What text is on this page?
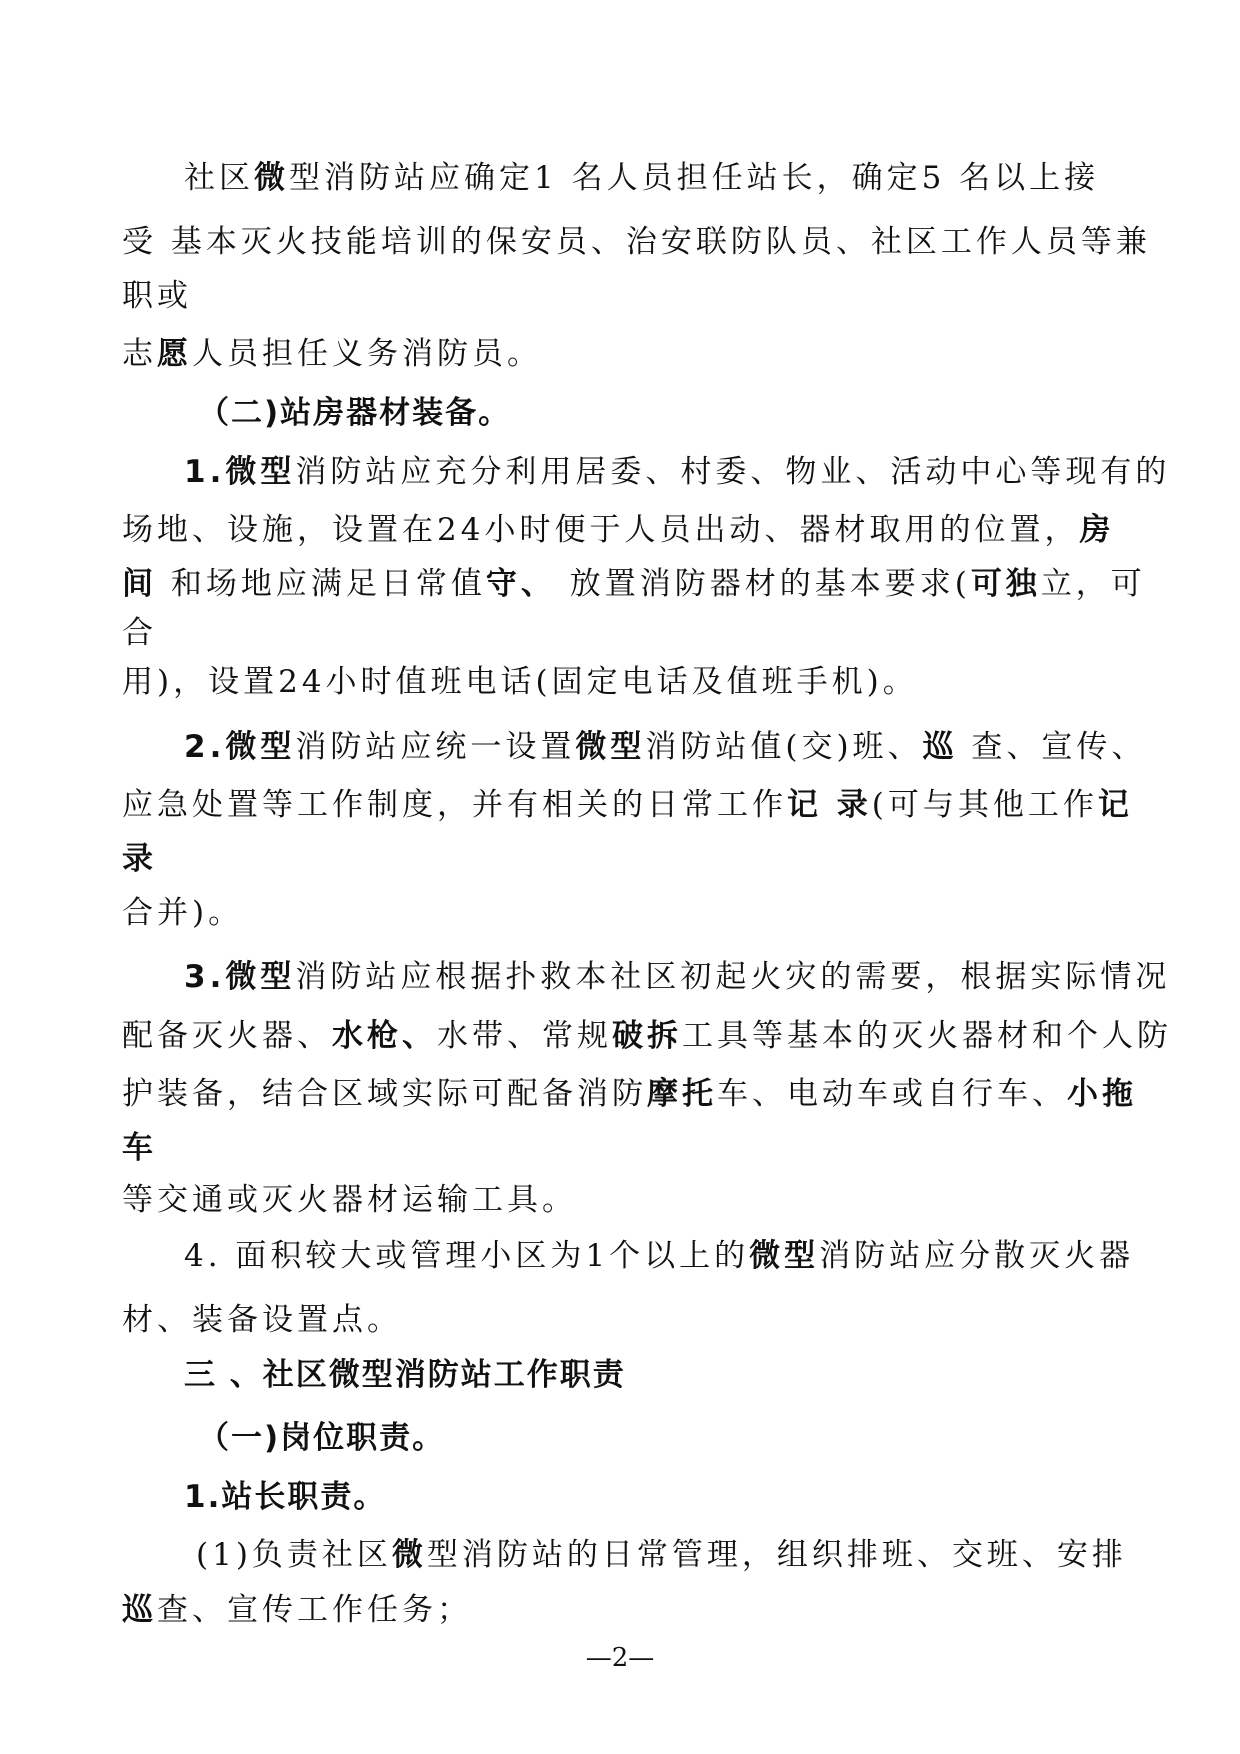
社区微型消防站应确定1 名人员担任站长，确定5 名以上接
受 基本灭火技能培训的保安员、治安联防队员、社区工作人员等兼
职或
志愿人员担任义务消防员。
（二)站房器材装备。
1.微型消防站应充分利用居委、村委、物业、活动中心等现有的
场地、设施，设置在24小时便于人员出动、器材取用的位置，房
间 和场地应满足日常值守、 放置消防器材的基本要求(可独立，可
合
用)，设置24小时值班电话(固定电话及值班手机)。
2.微型消防站应统一设置微型消防站值(交)班、巡 查、宣传、
应急处置等工作制度，并有相关的日常工作记 录(可与其他工作记
录
合并)。
3.微型消防站应根据扑救本社区初起火灾的需要，根据实际情况
配备灭火器、水枪、水带、常规破拆工具等基本的灭火器材和个人防
护装备，结合区域实际可配备消防摩托车、电动车或自行车、小拖
车
等交通或灭火器材运输工具。
4. 面积较大或管理小区为1个以上的微型消防站应分散灭火器
材、装备设置点。
三 、社区微型消防站工作职责
（一)岗位职责。
1.站长职责。
(1)负责社区微型消防站的日常管理，组织排班、交班、安排
巡查、宣传工作任务；
—2—
